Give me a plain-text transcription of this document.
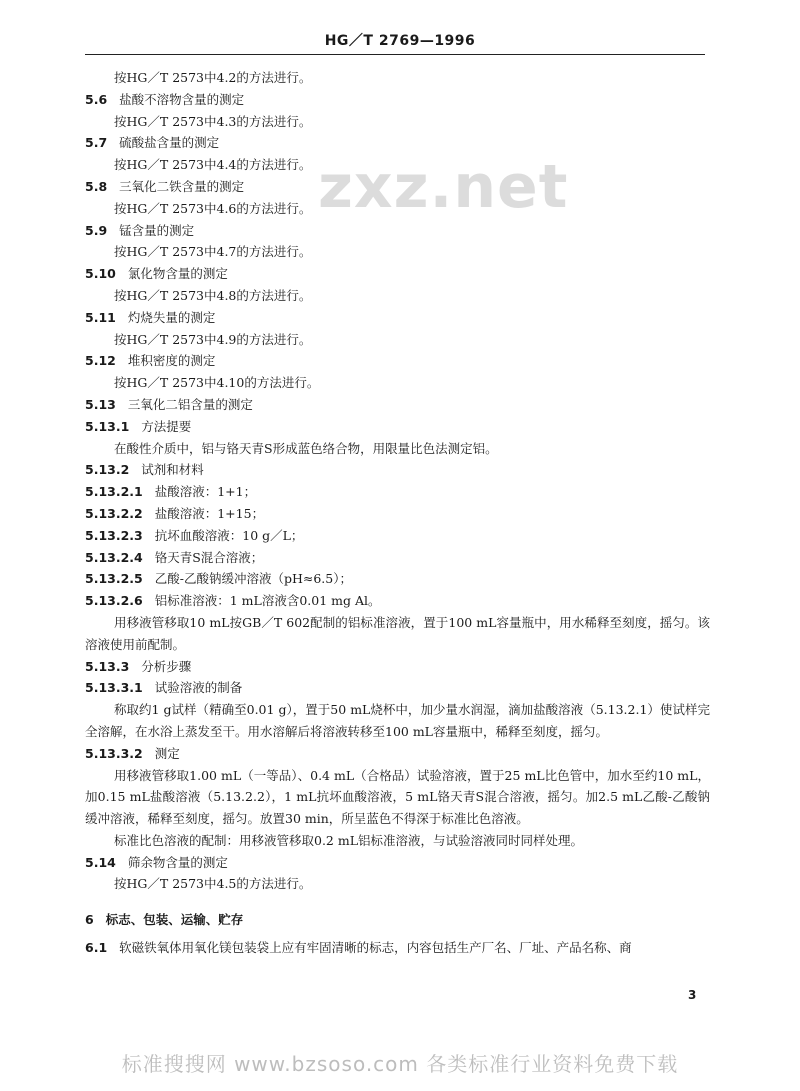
HG／T 2769—1996
zxz.net
按HG／T 2573中4.2的方法进行。
5.6 盐酸不溶物含量的测定
按HG／T 2573中4.3的方法进行。
5.7 硫酸盐含量的测定
按HG／T 2573中4.4的方法进行。
5.8 三氧化二铁含量的测定
按HG／T 2573中4.6的方法进行。
5.9 锰含量的测定
按HG／T 2573中4.7的方法进行。
5.10 氯化物含量的测定
按HG／T 2573中4.8的方法进行。
5.11 灼烧失量的测定
按HG／T 2573中4.9的方法进行。
5.12 堆积密度的测定
按HG／T 2573中4.10的方法进行。
5.13 三氧化二铝含量的测定
5.13.1 方法提要
在酸性介质中，铝与铬天青S形成蓝色络合物，用限量比色法测定铝。
5.13.2 试剂和材料
5.13.2.1 盐酸溶液：1+1；
5.13.2.2 盐酸溶液：1+15；
5.13.2.3 抗坏血酸溶液：10 g／L；
5.13.2.4 铬天青S混合溶液；
5.13.2.5 乙酸-乙酸钠缓冲溶液（pH≈6.5）；
5.13.2.6 铝标准溶液：1 mL溶液含0.01 mg Al。
用移液管移取10 mL按GB／T 602配制的铝标准溶液，置于100 mL容量瓶中，用水稀释至刻度，摇匀。该溶液使用前配制。
5.13.3 分析步骤
5.13.3.1 试验溶液的制备
称取约1 g试样（精确至0.01 g），置于50 mL烧杯中，加少量水润湿，滴加盐酸溶液（5.13.2.1）使试样完全溶解，在水浴上蒸发至干。用水溶解后将溶液转移至100 mL容量瓶中，稀释至刻度，摇匀。
5.13.3.2 测定
用移液管移取1.00 mL（一等品）、0.4 mL（合格品）试验溶液，置于25 mL比色管中，加水至约10 mL，加0.15 mL盐酸溶液（5.13.2.2），1 mL抗坏血酸溶液，5 mL铬天青S混合溶液，摇匀。加2.5 mL乙酸-乙酸钠缓冲溶液，稀释至刻度，摇匀。放置30 min，所呈蓝色不得深于标准比色溶液。
标准比色溶液的配制：用移液管移取0.2 mL铝标准溶液，与试验溶液同时同样处理。
5.14 筛余物含量的测定
按HG／T 2573中4.5的方法进行。
6 标志、包装、运输、贮存
6.1 软磁铁氧体用氧化镁包装袋上应有牢固清晰的标志，内容包括生产厂名、厂址、产品名称、商
3
标准搜搜网 www.bzsoso.com 各类标准行业资料免费下载
